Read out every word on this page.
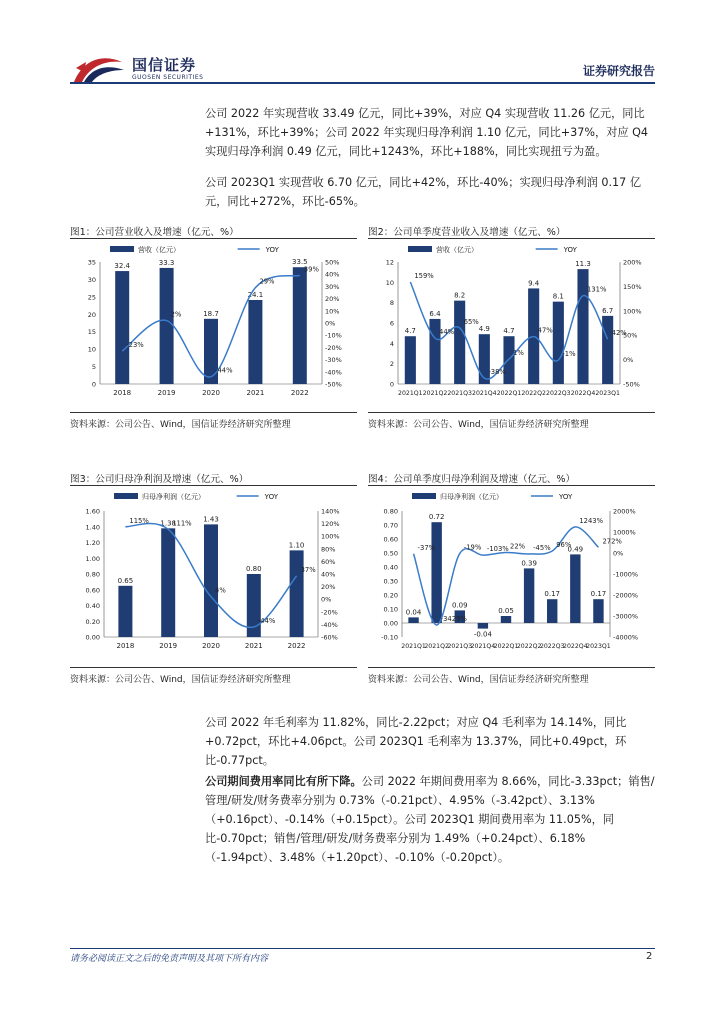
国信证券
GUOSEN SECURITIES	证券研究报告
公司 2022 年实现营收 33.49 亿元，同比+39%，对应 Q4 实现营收 11.26 亿元，同比+131%，环比+39%；公司 2022 年实现归母净利润 1.10 亿元，同比+37%，对应 Q4 实现归母净利润 0.49 亿元，同比+1243%，环比+188%，同比实现扭亏为盈。
公司 2023Q1 实现营收 6.70 亿元，同比+42%，环比-40%；实现归母净利润 0.17 亿元，同比+272%，环比-65%。
图1：公司营业收入及增速（亿元、%）	图2：公司单季度营业收入及增速（亿元、%）
营收（亿元）	YOY
0
5
10
15
20
25
30
35
-50%
-40%
-30%
-20%
-10%
0%
10%
20%
30%
40%
50%
32.4	33.3
18.7
24.1
33.5
2018	2019	2020	2021	2022
-23%
2%
-44%
29%
39%
营收（亿元）	YOY
0
2
4
6
8
10
12
-50%
0%
50%
100%
150%
200%
4.7
6.4
8.2
4.9 4.7
9.4
8.1
11.3
6.7
2021Q1 2021Q2 2021Q3 2021Q4 2022Q1 2022Q2 2022Q3 2022Q4 2023Q1
159%
44%
65%
-38%
1%
47%
-1%
131%
42%
资料来源：公司公告、Wind，国信证券经济研究所整理	资料来源：公司公告、Wind，国信证券经济研究所整理
图3：公司归母净利润及增速（亿元、%）	图4：公司单季度归母净利润及增速（亿元、%）
归母净利润（亿元）	YOY
0.00
0.20
0.40
0.60
0.80
1.00
1.20
1.40
1.60
-60%
-40%
-20%
0%
20%
40%
60%
80%
100%
120%
140%
0.65
1.38	1.43
0.80
1.10
2018	2019	2020	2021	2022
115%	111%
4%
-44%
37%
归母净利润（亿元）	YOY
-0.10
0.00
0.10
0.20
0.30
0.40
0.50
0.60
0.70
0.80
-4000%
-3000%
-2000%
-1000%
0%
1000%
2000%
0.04
0.72
0.09
-0.04
0.05
0.39
0.17
0.49
0.17
2021Q1
2021Q2
2021Q3
2021Q4
2022Q1
2022Q2
2022Q3
2022Q4
2023Q1
-37%
-3429%
-19% -103% 22% -45% 96%
1243%
272%
资料来源：公司公告、Wind，国信证券经济研究所整理	资料来源：公司公告、Wind，国信证券经济研究所整理
公司 2022 年毛利率为 11.82%，同比-2.22pct；对应 Q4 毛利率为 14.14%，同比+0.72pct，环比+4.06pct。公司 2023Q1 毛利率为 13.37%，同比+0.49pct，环比-0.77pct。
公司期间费用率同比有所下降。公司 2022 年期间费用率为 8.66%，同比-3.33pct；销售/管理/研发/财务费率分别为 0.73%（-0.21pct）、4.95%（-3.42pct）、3.13%（+0.16pct）、-0.14%（+0.15pct）。公司 2023Q1 期间费用率为 11.05%，同比-0.70pct；销售/管理/研发/财务费率分别为 1.49%（+0.24pct）、6.18%（-1.94pct）、3.48%（+1.20pct）、-0.10%（-0.20pct）。
请务必阅读正文之后的免责声明及其项下所有内容	2
